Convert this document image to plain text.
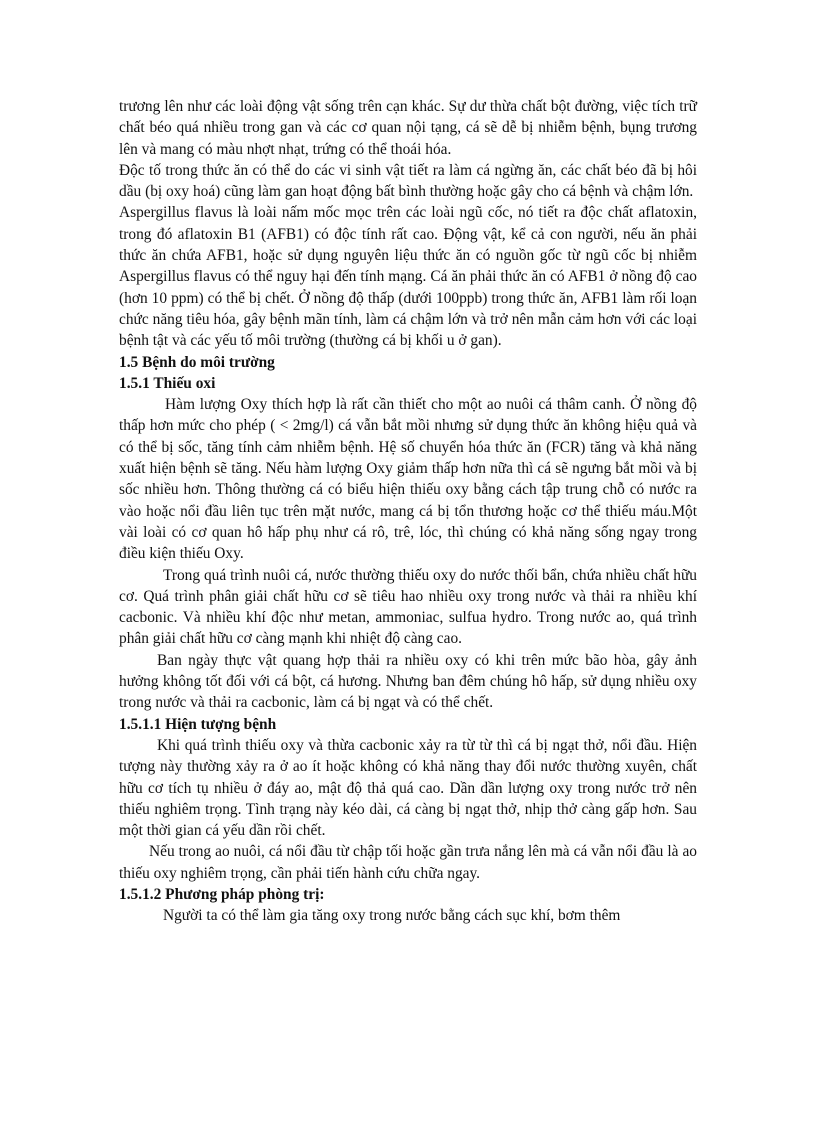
trương lên như các loài động vật sống trên cạn khác. Sự dư thừa chất bột đường, việc tích trữ chất béo quá nhiều trong gan và các cơ quan nội tạng, cá sẽ dễ bị nhiễm bệnh, bụng trương lên và mang có màu nhợt nhạt, trứng có thể thoái hóa.

Độc tố trong thức ăn có thể do các vi sinh vật tiết ra làm cá ngừng ăn, các chất béo đã bị hôi dầu (bị oxy hoá) cũng làm gan hoạt động bất bình thường hoặc gây cho cá bệnh và chậm lớn.

Aspergillus flavus là loài nấm mốc mọc trên các loài ngũ cốc, nó tiết ra độc chất aflatoxin, trong đó aflatoxin B1 (AFB1) có độc tính rất cao. Động vật, kể cả con người, nếu ăn phải thức ăn chứa AFB1, hoặc sử dụng nguyên liệu thức ăn có nguồn gốc từ ngũ cốc bị nhiễm Aspergillus flavus có thể nguy hại đến tính mạng. Cá ăn phải thức ăn có AFB1 ở nồng độ cao (hơn 10 ppm) có thể bị chết. Ở nồng độ thấp (dưới 100ppb) trong thức ăn, AFB1 làm rối loạn chức năng tiêu hóa, gây bệnh mãn tính, làm cá chậm lớn và trở nên mẫn cảm hơn với các loại bệnh tật và các yếu tố môi trường (thường cá bị khối u ở gan).

1.5 Bệnh do môi trường
1.5.1 Thiếu oxi

Hàm lượng Oxy thích hợp là rất cần thiết cho một ao nuôi cá thâm canh. Ở nồng độ thấp hơn mức cho phép ( < 2mg/l) cá vẫn bắt mồi nhưng sử dụng thức ăn không hiệu quả và có thể bị sốc, tăng tính cảm nhiễm bệnh. Hệ số chuyển hóa thức ăn (FCR) tăng và khả năng xuất hiện bệnh sẽ tăng. Nếu hàm lượng Oxy giảm thấp hơn nữa thì cá sẽ ngưng bắt mồi và bị sốc nhiều hơn. Thông thường cá có biểu hiện thiếu oxy bằng cách tập trung chỗ có nước ra vào hoặc nổi đầu liên tục trên mặt nước, mang cá bị tổn thương hoặc cơ thể thiếu máu.Một vài loài có cơ quan hô hấp phụ như cá rô, trê, lóc, thì chúng có khả năng sống ngay trong điều kiện thiếu Oxy.

Trong quá trình nuôi cá, nước thường thiếu oxy do nước thối bẩn, chứa nhiều chất hữu cơ. Quá trình phân giải chất hữu cơ sẽ tiêu hao nhiều oxy trong nước và thải ra nhiều khí cacbonic. Và nhiều khí độc như metan, ammoniac, sulfua hydro. Trong nước ao, quá trình phân giải chất hữu cơ càng mạnh khi nhiệt độ càng cao.

Ban ngày thực vật quang hợp thải ra nhiều oxy có khi trên mức bão hòa, gây ảnh hưởng không tốt đối với cá bột, cá hương. Nhưng ban đêm chúng hô hấp, sử dụng nhiều oxy trong nước và thải ra cacbonic, làm cá bị ngạt và có thể chết.

1.5.1.1 Hiện tượng bệnh

Khi quá trình thiếu oxy và thừa cacbonic xảy ra từ từ thì cá bị ngạt thở, nổi đầu. Hiện tượng này thường xảy ra ở ao ít hoặc không có khả năng thay đổi nước thường xuyên, chất hữu cơ tích tụ nhiều ở đáy ao, mật độ thả quá cao. Dần dần lượng oxy trong nước trở nên thiếu nghiêm trọng. Tình trạng này kéo dài, cá càng bị ngạt thở, nhịp thở càng gấp hơn. Sau một thời gian cá yếu dần rồi chết.

Nếu trong ao nuôi, cá nổi đầu từ chập tối hoặc gần trưa nắng lên mà cá vẫn nổi đầu là ao thiếu oxy nghiêm trọng, cần phải tiến hành cứu chữa ngay.

1.5.1.2 Phương pháp phòng trị:

Người ta có thể làm gia tăng oxy trong nước bằng cách sục khí, bơm thêm
